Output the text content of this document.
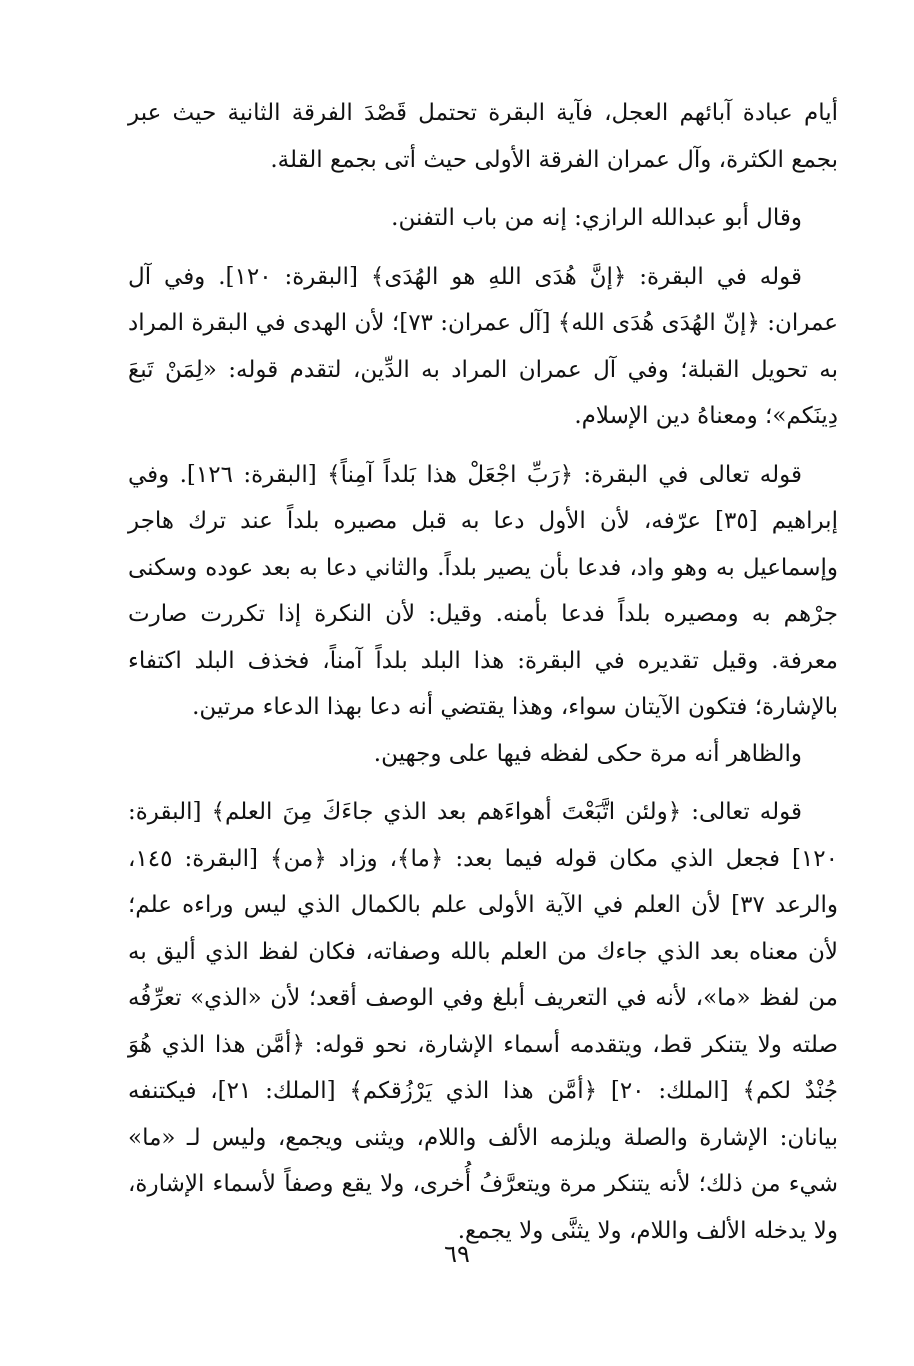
أيام عبادة آبائهم العجل، فآية البقرة تحتمل قَصْدَ الفرقة الثانية حيث عبر بجمع الكثرة، وآل عمران الفرقة الأولى حيث أتى بجمع القلة.

وقال أبو عبدالله الرازي: إنه من باب التفنن.

قوله في البقرة: ﴿إنَّ هُدَى اللهِ هو الهُدَى﴾ [البقرة: ١٢٠]. وفي آل عمران: ﴿إنّ الهُدَى هُدَى الله﴾ [آل عمران: ٧٣]؛ لأن الهدى في البقرة المراد به تحويل القبلة؛ وفي آل عمران المراد به الدِّين، لتقدم قوله: «لِمَنْ تَبعَ دِينَكم»؛ ومعناهُ دين الإسلام.

قوله تعالى في البقرة: ﴿رَبِّ اجْعَلْ هذا بَلداً آمِناً﴾ [البقرة: ١٢٦]. وفي إبراهيم [٣٥] عرّفه، لأن الأول دعا به قبل مصيره بلداً عند ترك هاجر وإسماعيل به وهو واد، فدعا بأن يصير بلداً. والثاني دعا به بعد عوده وسكنى جرْهم به ومصيره بلداً فدعا بأمنه. وقيل: لأن النكرة إذا تكررت صارت معرفة. وقيل تقديره في البقرة: هذا البلد بلداً آمناً، فخذف البلد اكتفاء بالإشارة؛ فتكون الآيتان سواء، وهذا يقتضي أنه دعا بهذا الدعاء مرتين.

والظاهر أنه مرة حكى لفظه فيها على وجهين.

قوله تعالى: ﴿ولئن اتَّبَعْتَ أهواءَهم بعد الذي جاءَكَ مِنَ العلم﴾ [البقرة: ١٢٠] فجعل الذي مكان قوله فيما بعد: ﴿ما﴾، وزاد ﴿من﴾ [البقرة: ١٤٥، والرعد ٣٧] لأن العلم في الآية الأولى علم بالكمال الذي ليس وراءه علم؛ لأن معناه بعد الذي جاءك من العلم بالله وصفاته، فكان لفظ الذي أليق به من لفظ «ما»، لأنه في التعريف أبلغ وفي الوصف أقعد؛ لأن «الذي» تعرِّفُه صلته ولا يتنكر قط، ويتقدمه أسماء الإشارة، نحو قوله: ﴿أمَّن هذا الذي هُوَ جُنْدٌ لكم﴾ [الملك: ٢٠] ﴿أمَّن هذا الذي يَرْزُقكم﴾ [الملك: ٢١]، فيكتنفه بيانان: الإشارة والصلة ويلزمه الألف واللام، ويثنى ويجمع، وليس لـ «ما» شيء من ذلك؛ لأنه يتنكر مرة ويتعرَّفُ أُخرى، ولا يقع وصفاً لأسماء الإشارة، ولا يدخله الألف واللام، ولا يثنَّى ولا يجمع.

٦٩
